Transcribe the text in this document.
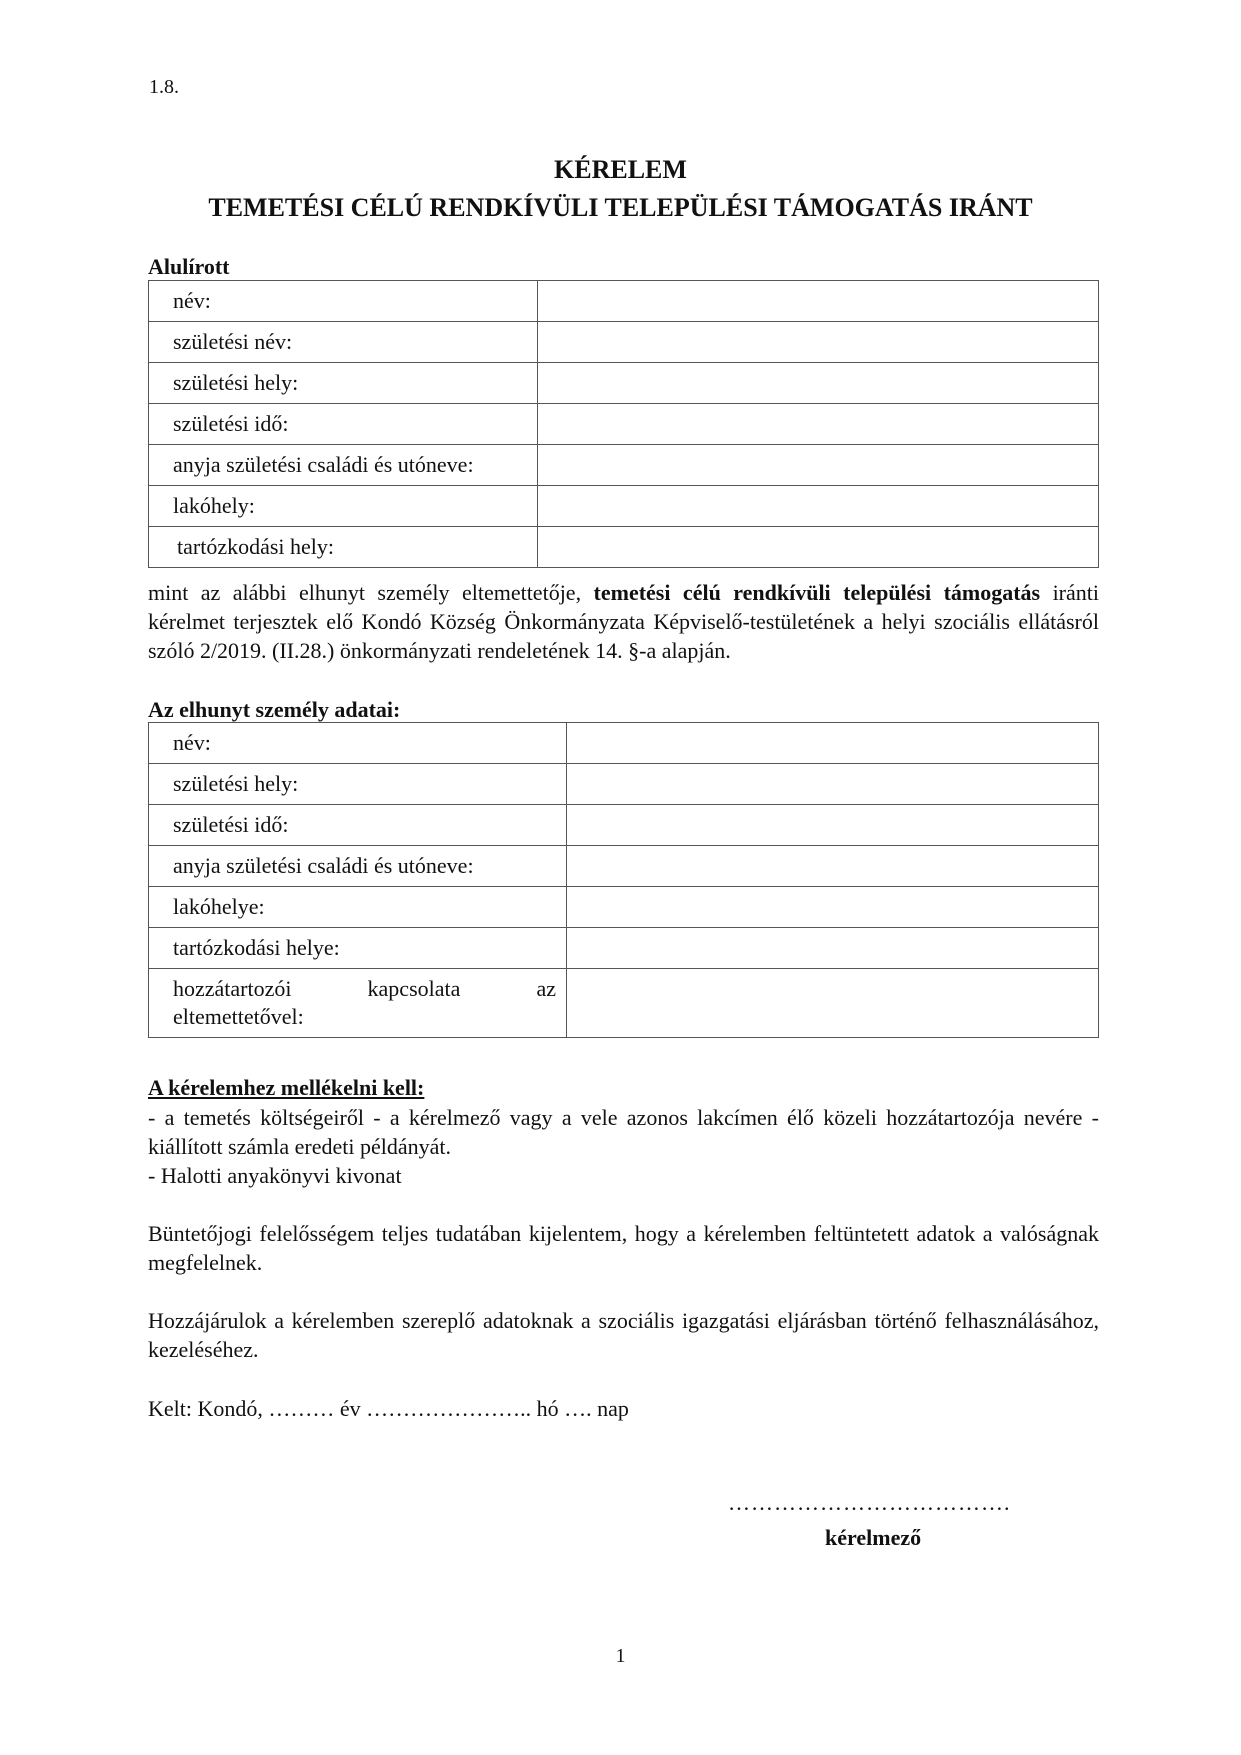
1.8.
KÉRELEM
TEMETÉSI CÉLÚ RENDKÍVÜLI TELEPÜLÉSI TÁMOGATÁS IRÁNT
Alulírott
név:	
születési név:	
születési hely:	
születési idő:	
anyja születési családi és utóneve:	
lakóhely:	
tartózkodási hely:	
mint az alábbi elhunyt személy eltemettetője, temetési célú rendkívüli települési támogatás iránti kérelmet terjesztek elő Kondó Község Önkormányzata Képviselő-testületének a helyi szociális ellátásról szóló 2/2019. (II.28.) önkormányzati rendeletének 14. §-a alapján.
Az elhunyt személy adatai:
név:	
születési hely:	
születési idő:	
anyja születési családi és utóneve:	
lakóhelye:	
tartózkodási helye:	

hozzátartozói kapcsolata az
eltemettetővel:	

A kérelemhez mellékelni kell:
- a temetés költségeiről - a kérelmező vagy a vele azonos lakcímen élő közeli hozzátartozója nevére - kiállított számla eredeti példányát.
- Halotti anyakönyvi kivonat
Büntetőjogi felelősségem teljes tudatában kijelentem, hogy a kérelemben feltüntetett adatok a valóságnak megfelelnek.
Hozzájárulok a kérelemben szereplő adatoknak a szociális igazgatási eljárásban történő felhasználásához, kezeléséhez.
Kelt: Kondó, ……… év ………………….. hó …. nap
……………………………….
kérelmező
1
